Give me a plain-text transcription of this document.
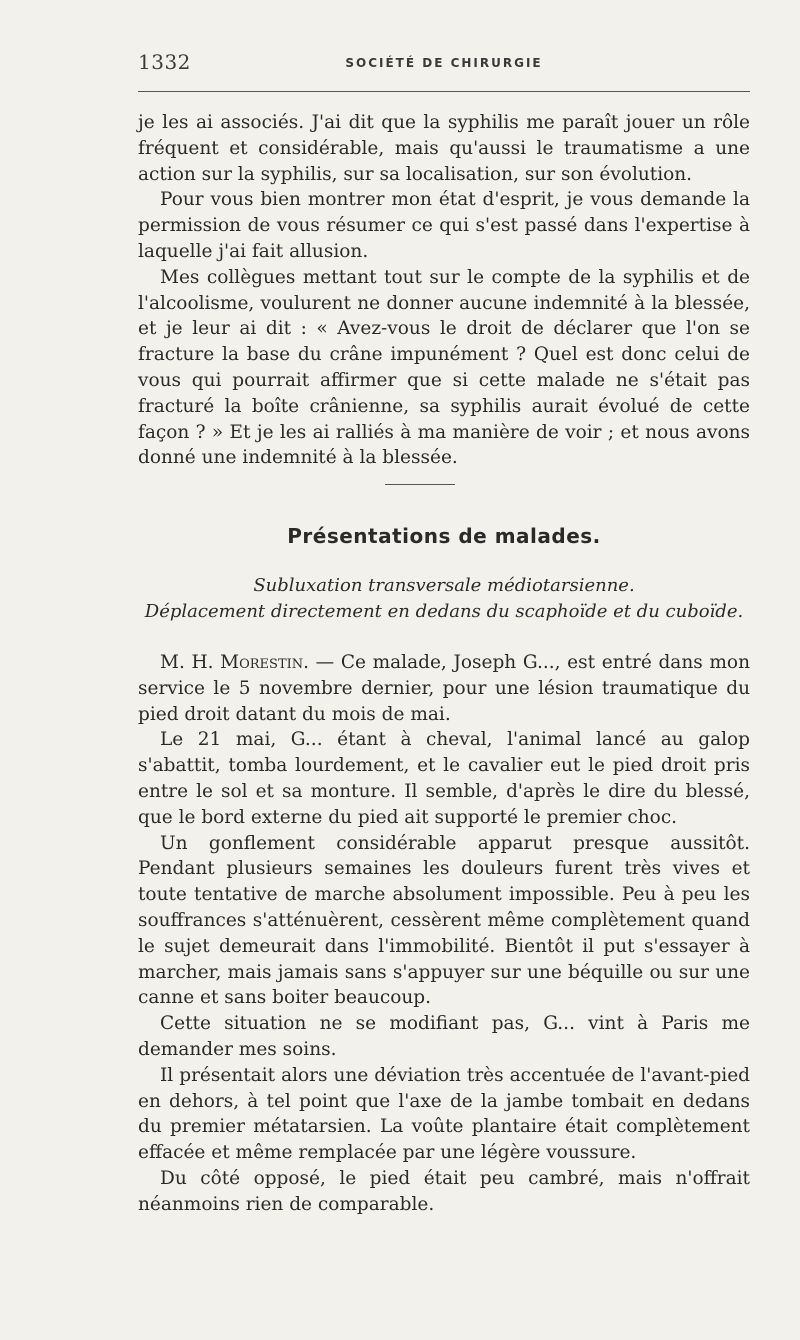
1332	SOCIÉTÉ DE CHIRURGIE

je les ai associés. J'ai dit que la syphilis me paraît jouer un rôle fréquent et considérable, mais qu'aussi le traumatisme a une action sur la syphilis, sur sa localisation, sur son évolution.

Pour vous bien montrer mon état d'esprit, je vous demande la permission de vous résumer ce qui s'est passé dans l'expertise à laquelle j'ai fait allusion.

Mes collègues mettant tout sur le compte de la syphilis et de l'alcoolisme, voulurent ne donner aucune indemnité à la blessée, et je leur ai dit : « Avez-vous le droit de déclarer que l'on se fracture la base du crâne impunément ? Quel est donc celui de vous qui pourrait affirmer que si cette malade ne s'était pas fracturé la boîte crânienne, sa syphilis aurait évolué de cette façon ? » Et je les ai ralliés à ma manière de voir ; et nous avons donné une indemnité à la blessée.

Présentations de malades.
Subluxation transversale médiotarsienne.
Déplacement directement en dedans du scaphoïde et du cuboïde.

M. H. Morestin. — Ce malade, Joseph G..., est entré dans mon service le 5 novembre dernier, pour une lésion traumatique du pied droit datant du mois de mai.

Le 21 mai, G... étant à cheval, l'animal lancé au galop s'abattit, tomba lourdement, et le cavalier eut le pied droit pris entre le sol et sa monture. Il semble, d'après le dire du blessé, que le bord externe du pied ait supporté le premier choc.

Un gonflement considérable apparut presque aussitôt. Pendant plusieurs semaines les douleurs furent très vives et toute tentative de marche absolument impossible. Peu à peu les souffrances s'atténuèrent, cessèrent même complètement quand le sujet demeurait dans l'immobilité. Bientôt il put s'essayer à marcher, mais jamais sans s'appuyer sur une béquille ou sur une canne et sans boiter beaucoup.

Cette situation ne se modifiant pas, G... vint à Paris me demander mes soins.

Il présentait alors une déviation très accentuée de l'avant-pied en dehors, à tel point que l'axe de la jambe tombait en dedans du premier métatarsien. La voûte plantaire était complètement effacée et même remplacée par une légère voussure.

Du côté opposé, le pied était peu cambré, mais n'offrait néanmoins rien de comparable.
